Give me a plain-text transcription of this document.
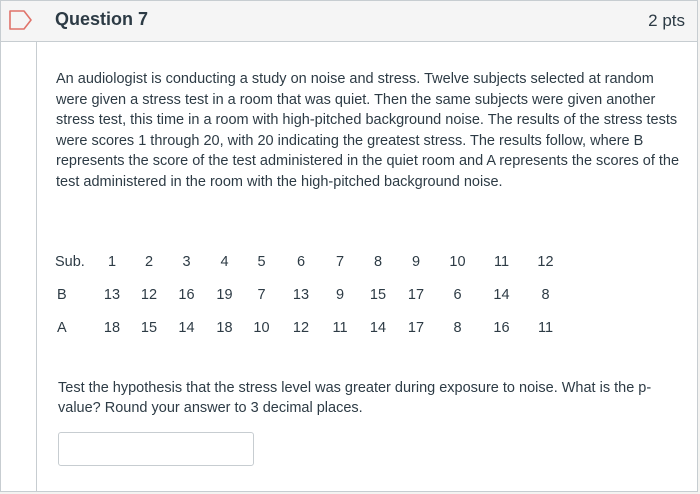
Question 7	2 pts
An audiologist is conducting a study on noise and stress. Twelve subjects selected at random were given a stress test in a room that was quiet. Then the same subjects were given another stress test, this time in a room with high-pitched background noise. The results of the stress tests were scores 1 through 20, with 20 indicating the greatest stress. The results follow, where B represents the score of the test administered in the quiet room and A represents the scores of the test administered in the room with the high-pitched background noise.
Sub.	1	2	3	4	5	6	7	8	9	10	11	12
B	13	12	16	19	7	13	9	15	17	6	14	8
A	18	15	14	18	10	12	11	14	17	8	16	11
Test the hypothesis that the stress level was greater during exposure to noise. What is the p-value? Round your answer to 3 decimal places.
